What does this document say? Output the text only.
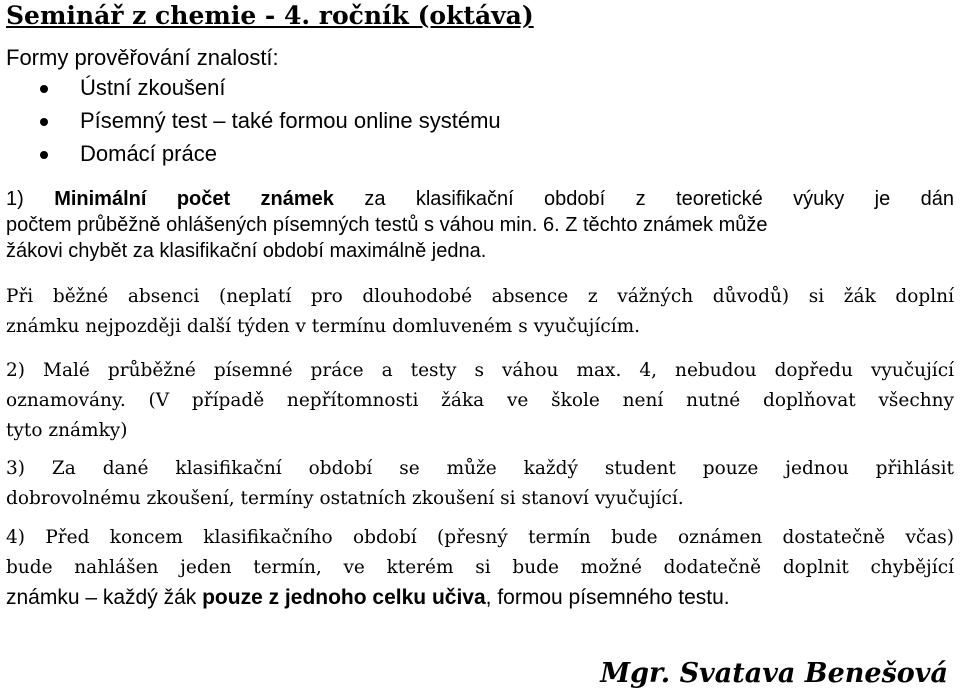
Seminář z chemie - 4. ročník (oktáva)

Formy prověřování znalostí:

Ústní zkoušení
Písemný test – také formou online systému
Domácí práce
1) Minimální počet známek za klasifikační období z teoretické výuky je dán
počtem průběžně ohlášených písemných testů s váhou min. 6. Z těchto známek může
žákovi chybět za klasifikační období maximálně jedna.
Při běžné absenci (neplatí pro dlouhodobé absence z vážných důvodů) si žák doplní
známku nejpozději další týden v termínu domluveném s vyučujícím.
2) Malé průběžné písemné práce a testy s váhou max. 4, nebudou dopředu vyučující
oznamovány. (V případě nepřítomnosti žáka ve škole není nutné doplňovat všechny
tyto známky)
3) Za dané klasifikační období se může každý student pouze jednou přihlásit
dobrovolnému zkoušení, termíny ostatních zkoušení si stanoví vyučující.
4) Před koncem klasifikačního období (přesný termín bude oznámen dostatečně včas)
bude nahlášen jeden termín, ve kterém si bude možné dodatečně doplnit chybějící
známku – každý žák pouze z jednoho celku učiva, formou písemného testu.

Mgr. Svatava Benešová
